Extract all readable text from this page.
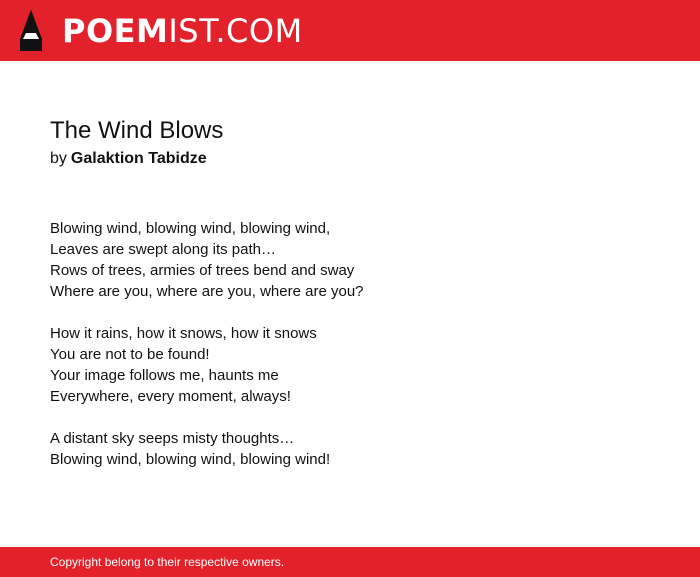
POEMIST.COM
The Wind Blows

by Galaktion Tabidze

Blowing wind, blowing wind, blowing wind,
Leaves are swept along its path…
Rows of trees, armies of trees bend and sway
Where are you, where are you, where are you?
How it rains, how it snows, how it snows
You are not to be found!
Your image follows me, haunts me
Everywhere, every moment, always!
A distant sky seeps misty thoughts…
Blowing wind, blowing wind, blowing wind!
Copyright belong to their respective owners.
